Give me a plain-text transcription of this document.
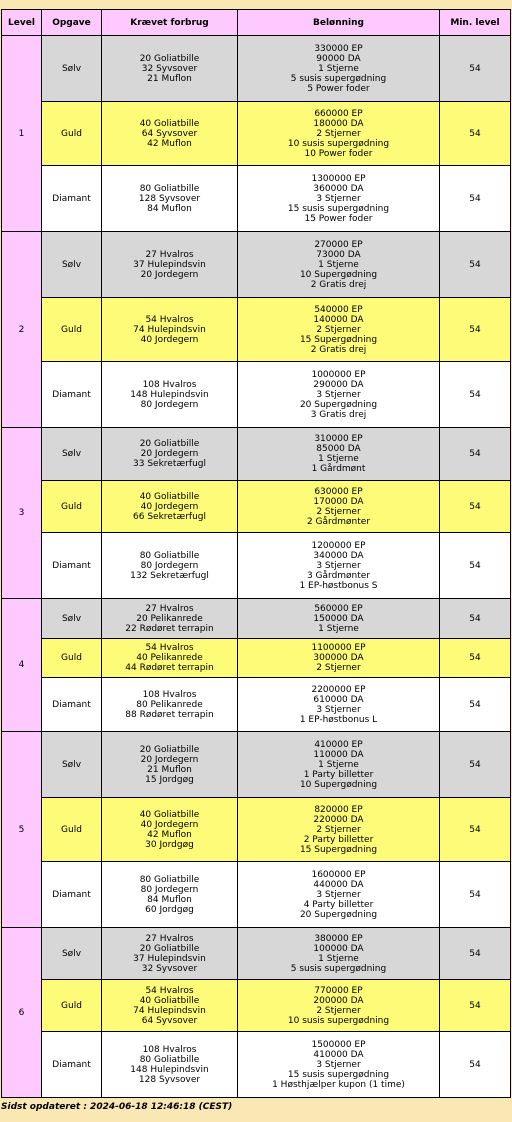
Level	Opgave	Krævet forbrug	Belønning	Min. level
1	Sølv	20 Goliatbille
32 Syvsover
21 Muflon	330000 EP
90000 DA
1 Stjerne
5 susis supergødning
5 Power foder	54
	Guld	40 Goliatbille
64 Syvsover
42 Muflon	660000 EP
180000 DA
2 Stjerner
10 susis supergødning
10 Power foder	54
	Diamant	80 Goliatbille
128 Syvsover
84 Muflon	1300000 EP
360000 DA
3 Stjerner
15 susis supergødning
15 Power foder	54
2	Sølv	27 Hvalros
37 Hulepindsvin
20 Jordegern	270000 EP
73000 DA
1 Stjerne
10 Supergødning
2 Gratis drej	54
	Guld	54 Hvalros
74 Hulepindsvin
40 Jordegern	540000 EP
140000 DA
2 Stjerner
15 Supergødning
2 Gratis drej	54
	Diamant	108 Hvalros
148 Hulepindsvin
80 Jordegern	1000000 EP
290000 DA
3 Stjerner
20 Supergødning
3 Gratis drej	54
3	Sølv	20 Goliatbille
20 Jordegern
33 Sekretærfugl	310000 EP
85000 DA
1 Stjerne
1 Gårdmønt	54
	Guld	40 Goliatbille
40 Jordegern
66 Sekretærfugl	630000 EP
170000 DA
2 Stjerner
2 Gårdmønter	54
	Diamant	80 Goliatbille
80 Jordegern
132 Sekretærfugl	1200000 EP
340000 DA
3 Stjerner
3 Gårdmønter
1 EP-høstbonus S	54
4	Sølv	27 Hvalros
20 Pelikanrede
22 Rødøret terrapin	560000 EP
150000 DA
1 Stjerne	54
	Guld	54 Hvalros
40 Pelikanrede
44 Rødøret terrapin	1100000 EP
300000 DA
2 Stjerner	54
	Diamant	108 Hvalros
80 Pelikanrede
88 Rødøret terrapin	2200000 EP
610000 DA
3 Stjerner
1 EP-høstbonus L	54
5	Sølv	20 Goliatbille
20 Jordegern
21 Muflon
15 Jordgøg	410000 EP
110000 DA
1 Stjerne
1 Party billetter
10 Supergødning	54
	Guld	40 Goliatbille
40 Jordegern
42 Muflon
30 Jordgøg	820000 EP
220000 DA
2 Stjerner
2 Party billetter
15 Supergødning	54
	Diamant	80 Goliatbille
80 Jordegern
84 Muflon
60 Jordgøg	1600000 EP
440000 DA
3 Stjerner
4 Party billetter
20 Supergødning	54
6	Sølv	27 Hvalros
20 Goliatbille
37 Hulepindsvin
32 Syvsover	380000 EP
100000 DA
1 Stjerne
5 susis supergødning	54
	Guld	54 Hvalros
40 Goliatbille
74 Hulepindsvin
64 Syvsover	770000 EP
200000 DA
2 Stjerner
10 susis supergødning	54
	Diamant	108 Hvalros
80 Goliatbille
148 Hulepindsvin
128 Syvsover	1500000 EP
410000 DA
3 Stjerner
15 susis supergødning
1 Høsthjælper kupon (1 time)	54
Sidst opdateret : 2024-06-18 12:46:18 (CEST)
